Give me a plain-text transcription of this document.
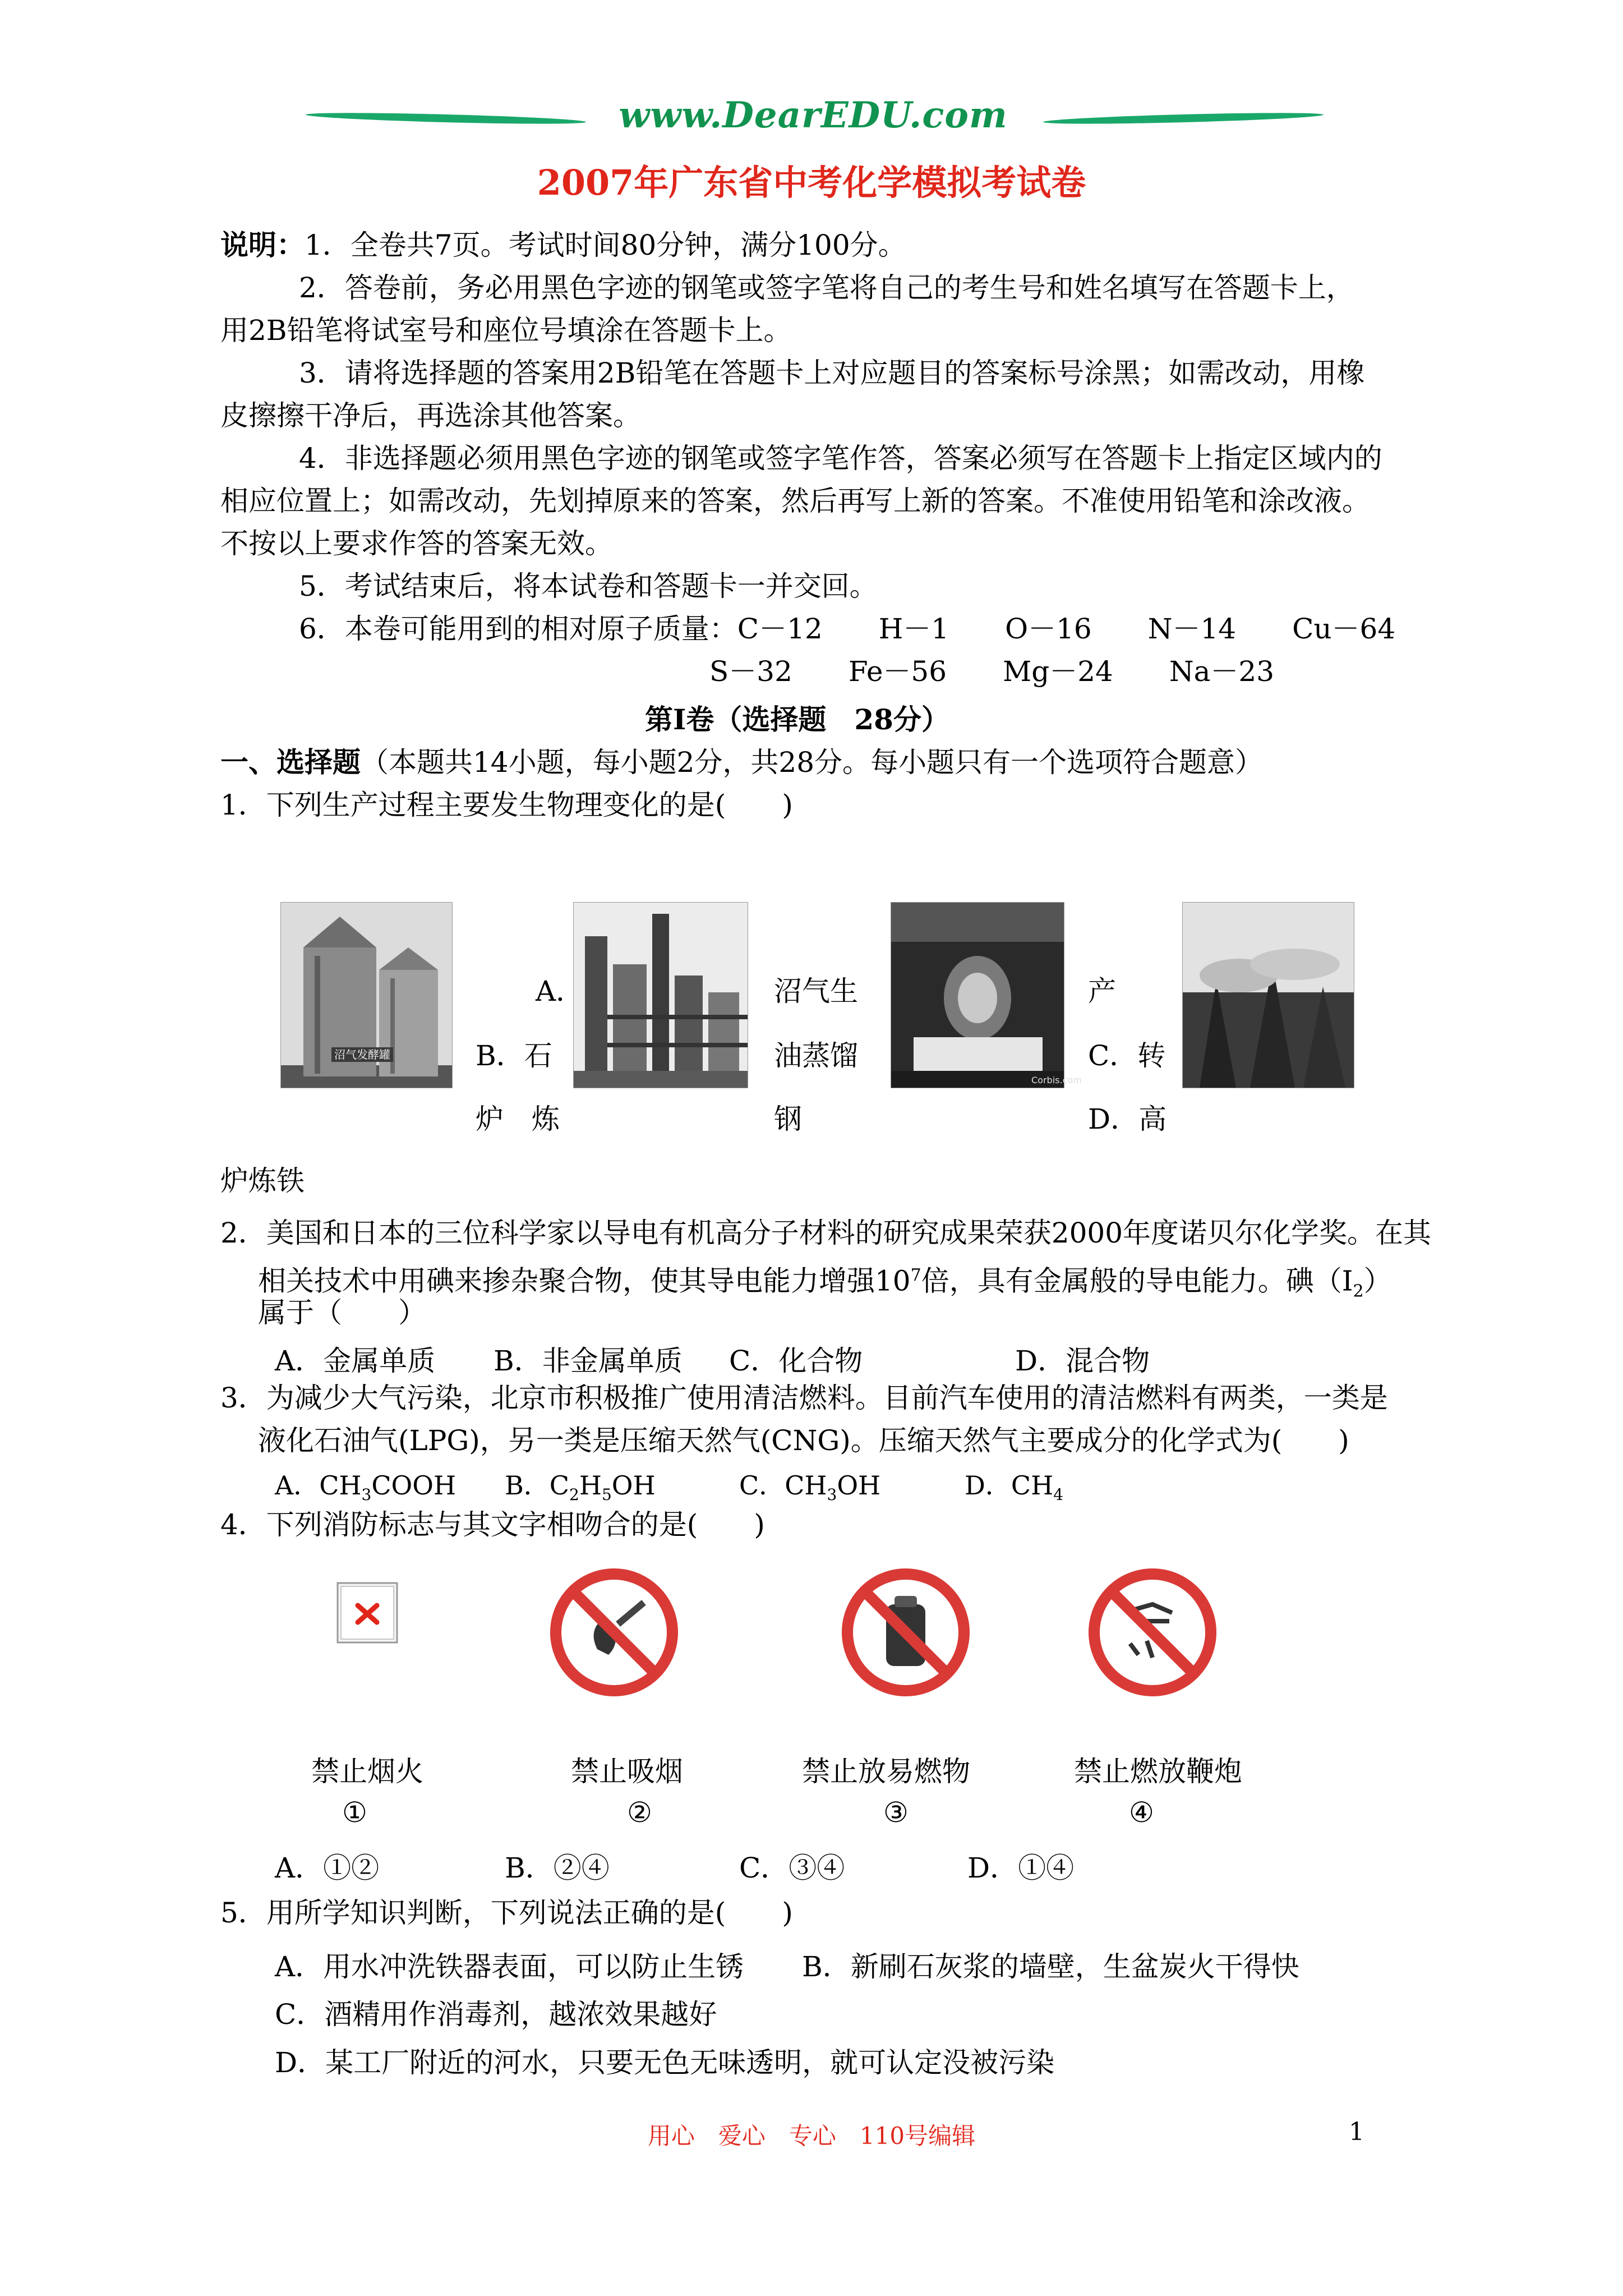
www.DearEDU.com
2007年广东省中考化学模拟考试卷
说明：1．全卷共7页。考试时间80分钟，满分100分。
2．答卷前，务必用黑色字迹的钢笔或签字笔将自己的考生号和姓名填写在答题卡上，
用2B铅笔将试室号和座位号填涂在答题卡上。
3．请将选择题的答案用2B铅笔在答题卡上对应题目的答案标号涂黑；如需改动，用橡
皮擦擦干净后，再选涂其他答案。
4．非选择题必须用黑色字迹的钢笔或签字笔作答，答案必须写在答题卡上指定区域内的
相应位置上；如需改动，先划掉原来的答案，然后再写上新的答案。不准使用铅笔和涂改液。
不按以上要求作答的答案无效。
5．考试结束后，将本试卷和答题卡一并交回。
6．本卷可能用到的相对原子质量：C－12　　H－1　　O－16　　N－14　　Cu－64
S－32　　Fe－56　　Mg－24　　Na－23
第Ⅰ卷（选择题　28分）
一、选择题（本题共14小题，每小题2分，共28分。每小题只有一个选项符合题意）
1．下列生产过程主要发生物理变化的是(　　)
沼气发酵罐
Corbis.com
A．	沼气生	产
B．石	油蒸馏	C．转
炉　炼	钢	D．高
炉炼铁
2．美国和日本的三位科学家以导电有机高分子材料的研究成果荣获2000年度诺贝尔化学奖。在其
相关技术中用碘来掺杂聚合物，使其导电能力增强$10^7$倍，具有金属般的导电能力。碘$(I_2)$
属于（　　）
A．金属单质 B．非金属单质 C．化合物	D．混合物
3．为减少大气污染，北京市积极推广使用清洁燃料。目前汽车使用的清洁燃料有两类，一类是
液化石油气(LPG)，另一类是压缩天然气(CNG)。压缩天然气主要成分的化学式为(　　)
A．$CH_3COOH$ B．$C_2H_5OH$	C．$CH_3OH$	D．$CH_4$
4．下列消防标志与其文字相吻合的是(　　)
禁止烟火	禁止吸烟	禁止放易燃物	禁止燃放鞭炮
①	②	③	④
A．①②	B．②④	C．③④	D．①④
5．用所学知识判断，下列说法正确的是(　　)
A．用水冲洗铁器表面，可以防止生锈 B．新刷石灰浆的墙壁，生盆炭火干得快
C．酒精用作消毒剂，越浓效果越好
D．某工厂附近的河水，只要无色无味透明，就可认定没被污染
用心　爱心　专心　110号编辑	1
